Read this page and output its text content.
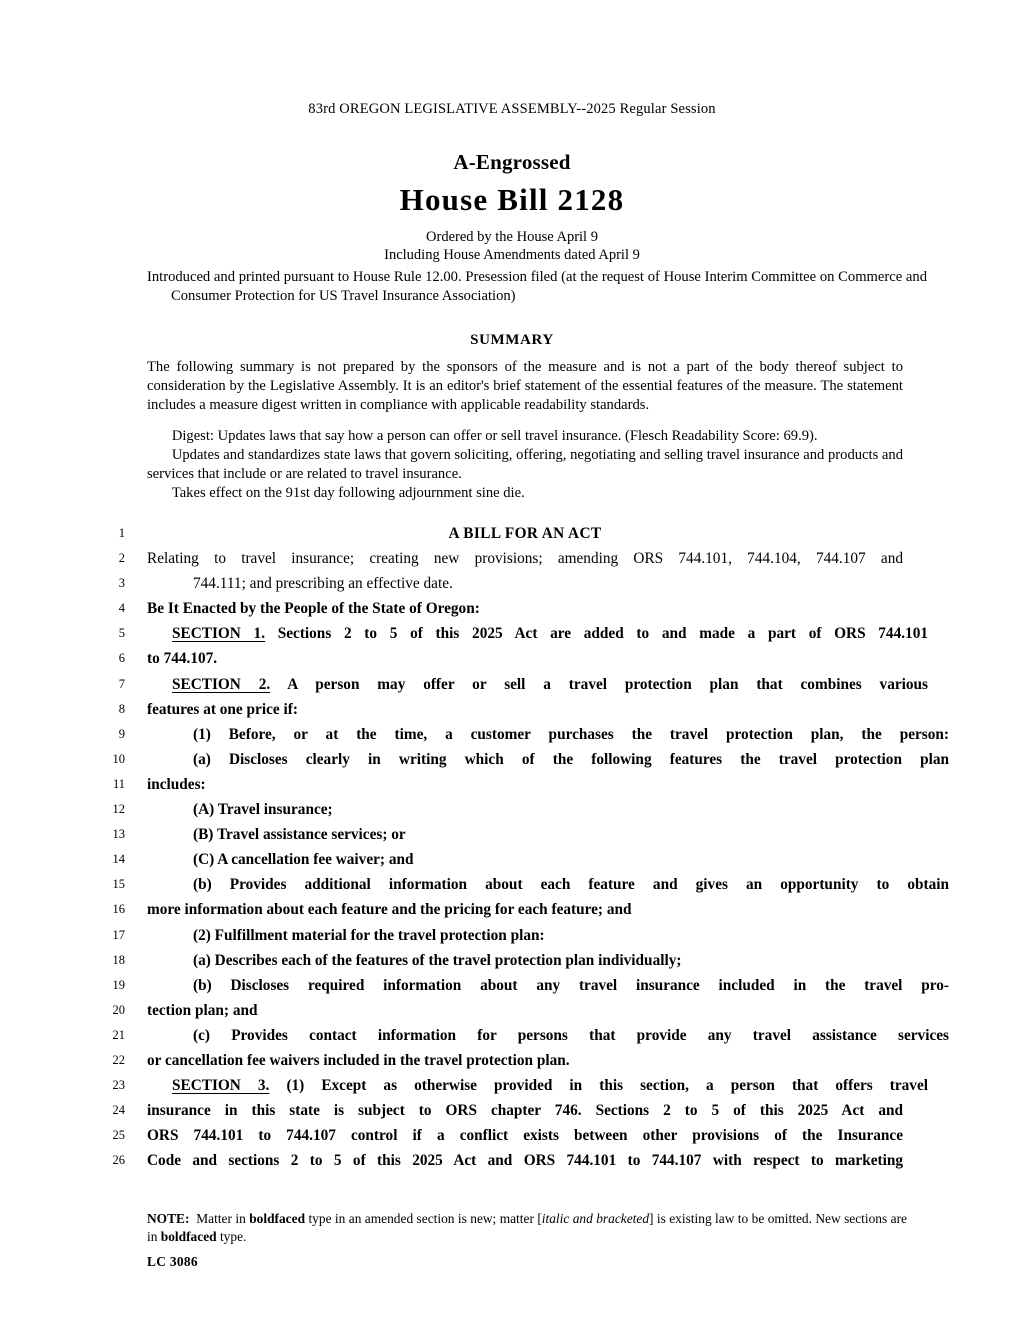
83rd OREGON LEGISLATIVE ASSEMBLY--2025 Regular Session
A-Engrossed
House Bill 2128
Ordered by the House April 9
Including House Amendments dated April 9
Introduced and printed pursuant to House Rule 12.00. Presession filed (at the request of House Interim Committee on Commerce and Consumer Protection for US Travel Insurance Association)
SUMMARY

The following summary is not prepared by the sponsors of the measure and is not a part of the body thereof subject to consideration by the Legislative Assembly. It is an editor's brief statement of the essential features of the measure. The statement includes a measure digest written in compliance with applicable readability standards.

Digest: Updates laws that say how a person can offer or sell travel insurance. (Flesch Readability Score: 69.9).

Updates and standardizes state laws that govern soliciting, offering, negotiating and selling travel insurance and products and services that include or are related to travel insurance.

Takes effect on the 91st day following adjournment sine die.

1	A BILL FOR AN ACT
2 Relating to travel insurance; creating new provisions; amending ORS 744.101, 744.104, 744.107 and
3	744.111; and prescribing an effective date.
4 Be It Enacted by the People of the State of Oregon:
5	SECTION 1. Sections 2 to 5 of this 2025 Act are added to and made a part of ORS 744.101
6 to 744.107.
7	SECTION 2. A person may offer or sell a travel protection plan that combines various
8 features at one price if:
9	(1) Before, or at the time, a customer purchases the travel protection plan, the person:
10	(a) Discloses clearly in writing which of the following features the travel protection plan
11 includes:
12	(A) Travel insurance;
13	(B) Travel assistance services; or
14	(C) A cancellation fee waiver; and
15	(b) Provides additional information about each feature and gives an opportunity to obtain
16 more information about each feature and the pricing for each feature; and
17	(2) Fulfillment material for the travel protection plan:
18	(a) Describes each of the features of the travel protection plan individually;
19	(b) Discloses required information about any travel insurance included in the travel pro-
20 tection plan; and
21	(c) Provides contact information for persons that provide any travel assistance services
22 or cancellation fee waivers included in the travel protection plan.
23	SECTION 3. (1) Except as otherwise provided in this section, a person that offers travel
24 insurance in this state is subject to ORS chapter 746. Sections 2 to 5 of this 2025 Act and
25 ORS 744.101 to 744.107 control if a conflict exists between other provisions of the Insurance
26 Code and sections 2 to 5 of this 2025 Act and ORS 744.101 to 744.107 with respect to marketing

NOTE: Matter in boldfaced type in an amended section is new; matter [italic and bracketed] is existing law to be omitted. New sections are in boldfaced type.

LC 3086
